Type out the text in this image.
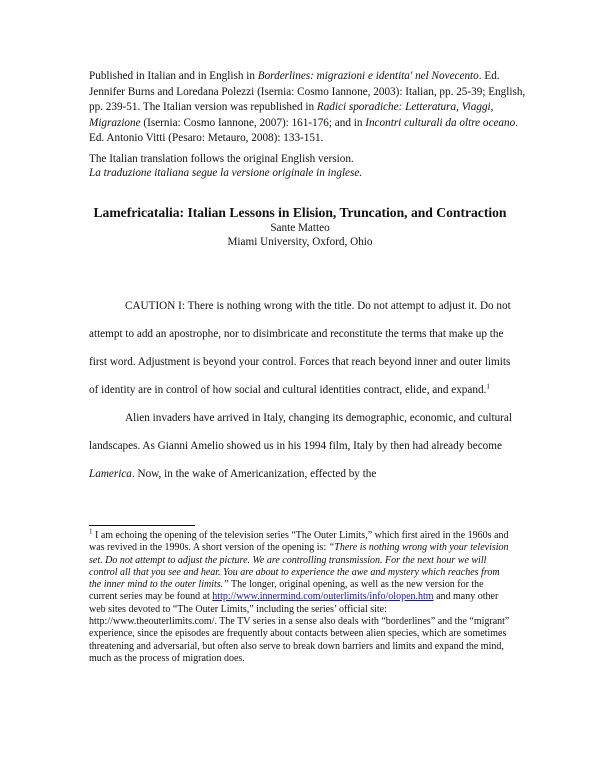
Published in Italian and in English in Borderlines: migrazioni e identita' nel Novecento. Ed. Jennifer Burns and Loredana Polezzi (Isernia: Cosmo Iannone, 2003): Italian, pp. 25-39; English, pp. 239-51. The Italian version was republished in Radici sporadiche: Letteratura, Viaggi, Migrazione (Isernia: Cosmo Iannone, 2007): 161-176; and in Incontri culturali da oltre oceano. Ed. Antonio Vitti (Pesaro: Metauro, 2008): 133-151.
The Italian translation follows the original English version.
La traduzione italiana segue la versione originale in inglese.
Lamefricatalia: Italian Lessons in Elision, Truncation, and Contraction
Sante Matteo
Miami University, Oxford, Ohio

CAUTION I: There is nothing wrong with the title. Do not attempt to adjust it. Do not attempt to add an apostrophe, nor to disimbricate and reconstitute the terms that make up the first word. Adjustment is beyond your control. Forces that reach beyond inner and outer limits of identity are in control of how social and cultural identities contract, elide, and expand.$^1$

Alien invaders have arrived in Italy, changing its demographic, economic, and cultural landscapes. As Gianni Amelio showed us in his 1994 film, Italy by then had already become Lamerica. Now, in the wake of Americanization, effected by the

$^1$ I am echoing the opening of the television series “The Outer Limits,” which first aired in the 1960s and was revived in the 1990s. A short version of the opening is: “There is nothing wrong with your television set. Do not attempt to adjust the picture. We are controlling transmission. For the next hour we will control all that you see and hear. You are about to experience the awe and mystery which reaches from the inner mind to the outer limits.” The longer, original opening, as well as the new version for the current series may be found at http://www.innermind.com/outerlimits/info/olopen.htm and many other web sites devoted to “The Outer Limits,” including the series’ official site: http://www.theouterlimits.com/. The TV series in a sense also deals with “borderlines” and the “migrant” experience, since the episodes are frequently about contacts between alien species, which are sometimes threatening and adversarial, but often also serve to break down barriers and limits and expand the mind, much as the process of migration does.
